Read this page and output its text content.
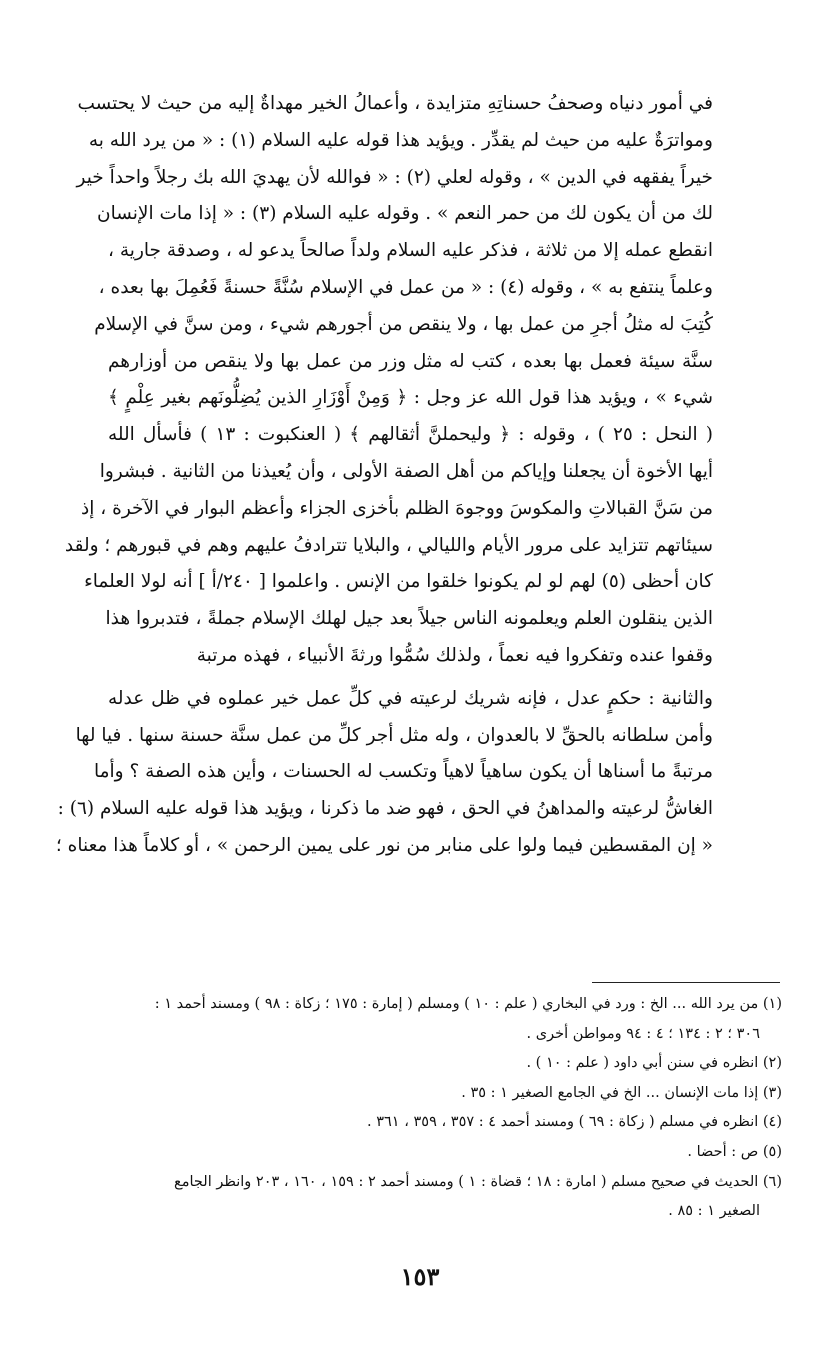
في أمور دنياه وصحفُ حسناتِهِ متزايدة ، وأعمالُ الخير مهداةٌ إليه من حيث لا يحتسب
ومواترَةٌ عليه من حيث لم يقدِّر . ويؤيد هذا قوله عليه السلام (١) : « من يرد الله به
خيراً يفقهه في الدين » ، وقوله لعلي (٢) : « فوالله لأن يهديَ الله بك رجلاً واحداً خير
لك من أن يكون لك من حمر النعم » . وقوله عليه السلام (٣) : « إذا مات الإنسان
انقطع عمله إلا من ثلاثة ، فذكر عليه السلام ولداً صالحاً يدعو له ، وصدقة جارية ،
وعلماً ينتفع به » ، وقوله (٤) : « من عمل في الإسلام سُنَّةً حسنةً فَعُمِلَ بها بعده ،
كُتِبَ له مثلُ أجرِ من عمل بها ، ولا ينقص من أجورهم شيء ، ومن سنَّ في الإسلام
سنَّة سيئة فعمل بها بعده ، كتب له مثل وزر من عمل بها ولا ينقص من أوزارهم
شيء » ، ويؤيد هذا قول الله عز وجل : ﴿ وَمِنْ أَوْزَارِ الذين يُضِلُّونَهم بغير عِلْمٍ ﴾
( النحل : ٢٥ ) ، وقوله : ﴿ وليحملنَّ أثقالهم ﴾ ( العنكبوت : ١٣ ) فأسأل الله
أيها الأخوة أن يجعلنا وإياكم من أهل الصفة الأولى ، وأن يُعيذنا من الثانية . فبشروا
من سَنَّ القبالاتِ والمكوسَ ووجوهَ الظلم بأخزى الجزاء وأعظم البوار في الآخرة ، إذ
سيئاتهم تتزايد على مرور الأيام والليالي ، والبلايا تترادفُ عليهم وهم في قبورهم ؛ ولقد
كان أحظى (٥) لهم لو لم يكونوا خلقوا من الإنس . واعلموا [ ٢٤٠/أ ] أنه لولا العلماء
الذين ينقلون العلم ويعلمونه الناس جيلاً بعد جيل لهلك الإسلام جملةً ، فتدبروا هذا
وقفوا عنده وتفكروا فيه نعماً ، ولذلك سُمُّوا ورثةَ الأنبياء ، فهذه مرتبة
والثانية : حكمٍ عدل ، فإنه شريك لرعيته في كلِّ عمل خير عملوه في ظل عدله
وأمن سلطانه بالحقِّ لا بالعدوان ، وله مثل أجر كلِّ من عمل سنَّة حسنة سنها . فيا لها
مرتبةً ما أسناها أن يكون ساهياً لاهياً وتكسب له الحسنات ، وأين هذه الصفة ؟ وأما
الغاشُّ لرعيته والمداهنُ في الحق ، فهو ضد ما ذكرنا ، ويؤيد هذا قوله عليه السلام (٦) :
« إن المقسطين فيما ولوا على منابر من نور على يمين الرحمن » ، أو كلاماً هذا معناه ؛
(١) من يرد الله ... الخ : ورد في البخاري ( علم : ١٠ ) ومسلم ( إمارة : ١٧٥ ؛ زكاة : ٩٨ ) ومسند أحمد ١ :
٣٠٦ ؛ ٢ : ١٣٤ ؛ ٤ : ٩٤ ومواطن أخرى .
(٢) انظره في سنن أبي داود ( علم : ١٠ ) .
(٣) إذا مات الإنسان ... الخ في الجامع الصغير ١ : ٣٥ .
(٤) انظره في مسلم ( زكاة : ٦٩ ) ومسند أحمد ٤ : ٣٥٧ ، ٣٥٩ ، ٣٦١ .
(٥) ص : أحضا .
(٦) الحديث في صحيح مسلم ( امارة : ١٨ ؛ قضاة : ١ ) ومسند أحمد ٢ : ١٥٩ ، ١٦٠ ، ٢٠٣ وانظر الجامع
الصغير ١ : ٨٥ .
١٥٣
